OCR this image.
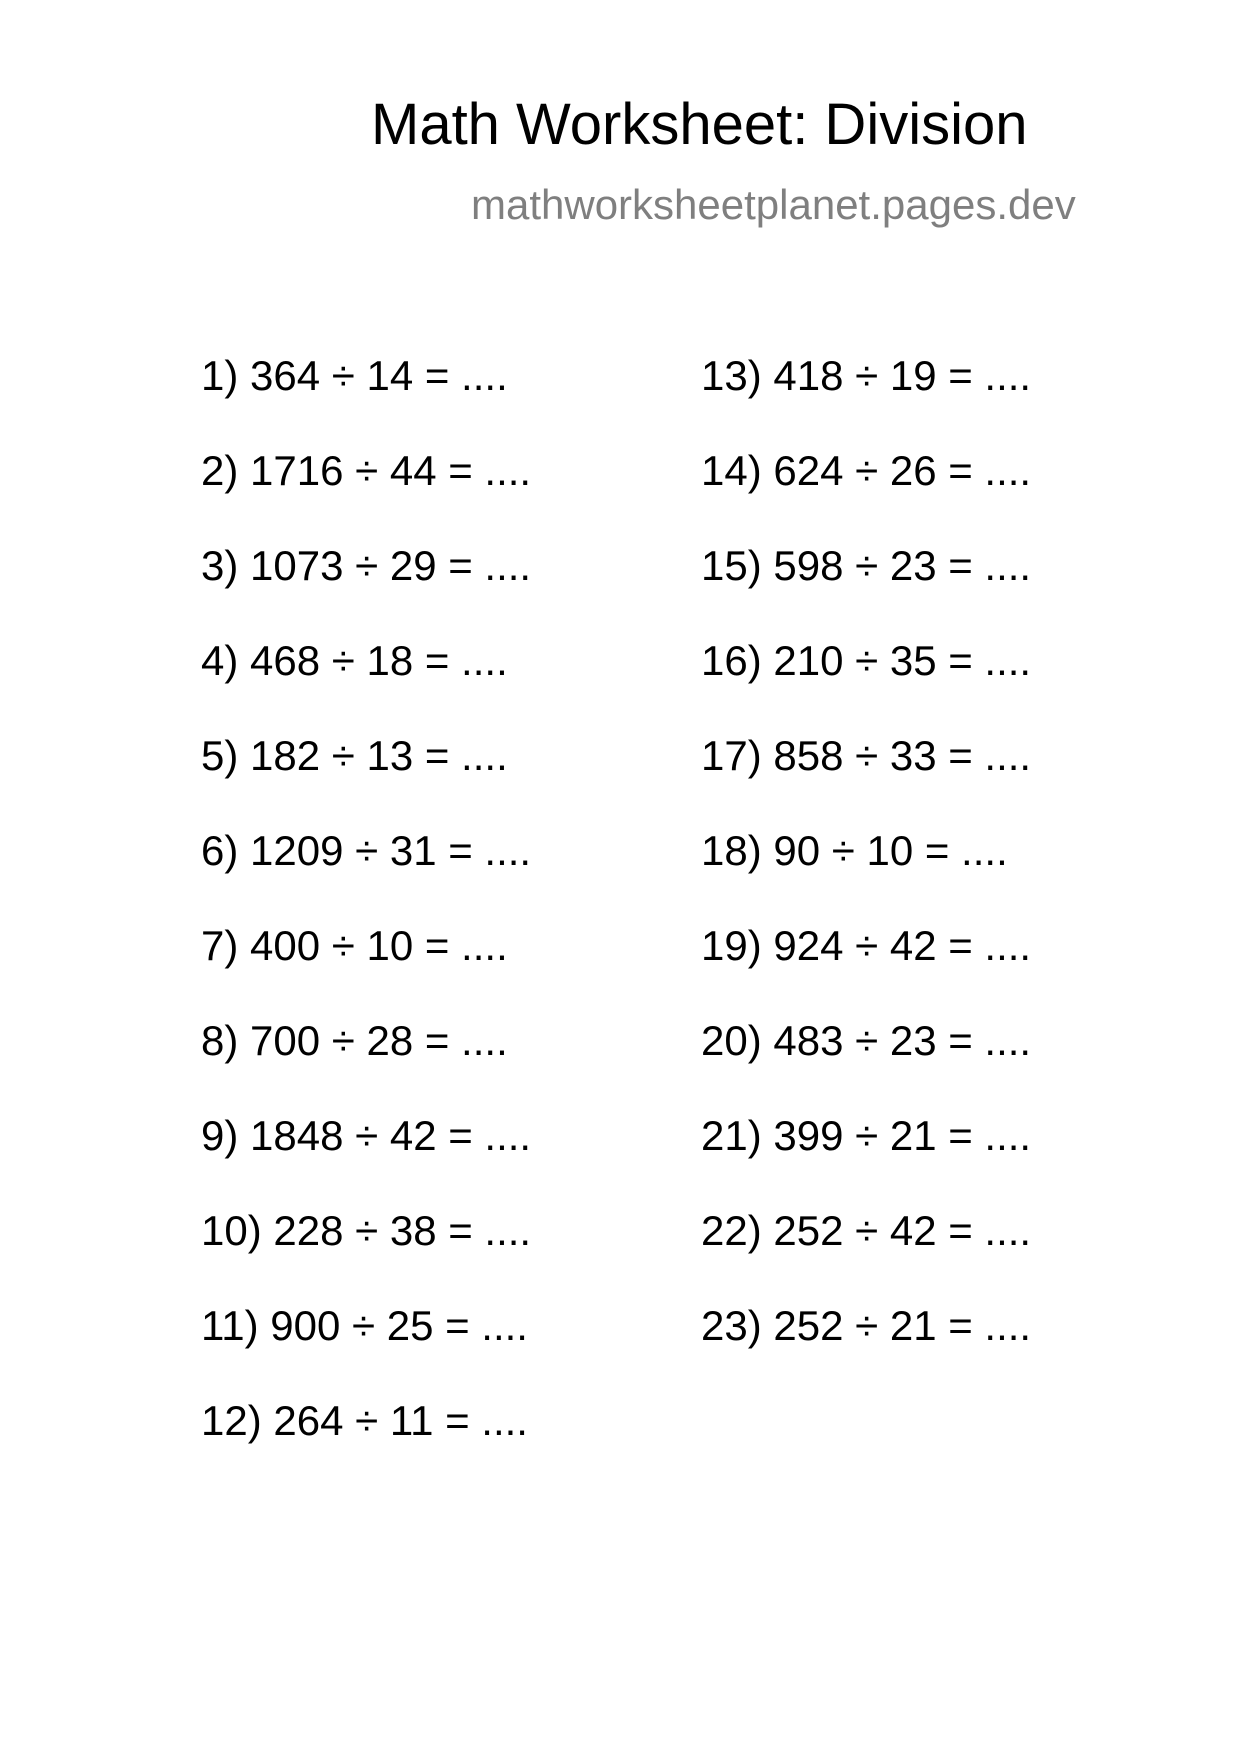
Math Worksheet: Division
mathworksheetplanet.pages.dev
1) 364 ÷ 14 = ....
2) 1716 ÷ 44 = ....
3) 1073 ÷ 29 = ....
4) 468 ÷ 18 = ....
5) 182 ÷ 13 = ....
6) 1209 ÷ 31 = ....
7) 400 ÷ 10 = ....
8) 700 ÷ 28 = ....
9) 1848 ÷ 42 = ....
10) 228 ÷ 38 = ....
11) 900 ÷ 25 = ....
12) 264 ÷ 11 = ....
13) 418 ÷ 19 = ....
14) 624 ÷ 26 = ....
15) 598 ÷ 23 = ....
16) 210 ÷ 35 = ....
17) 858 ÷ 33 = ....
18) 90 ÷ 10 = ....
19) 924 ÷ 42 = ....
20) 483 ÷ 23 = ....
21) 399 ÷ 21 = ....
22) 252 ÷ 42 = ....
23) 252 ÷ 21 = ....
